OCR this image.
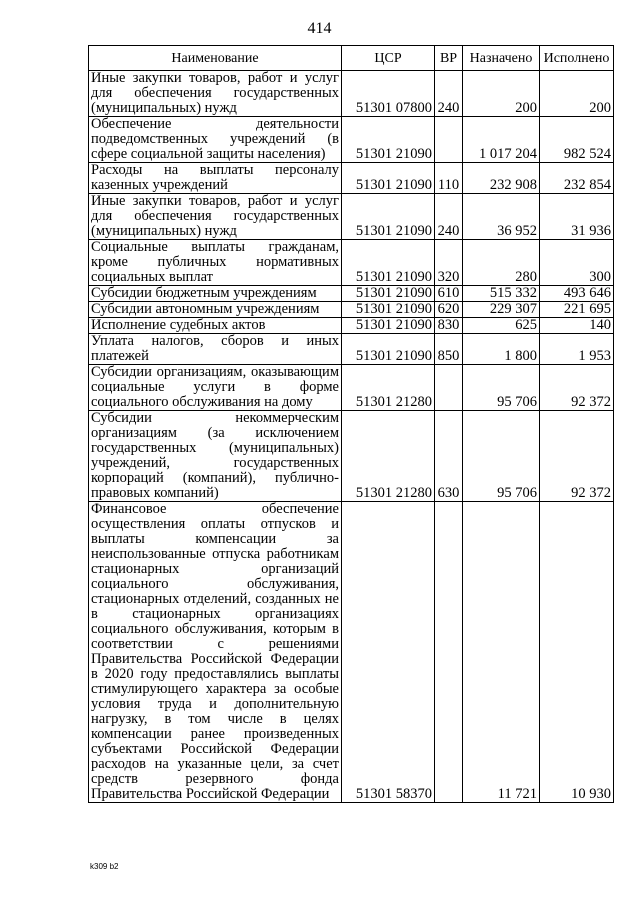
414
Наименование	ЦСР	ВР	Назначено	Исполнено
Иные закупки товаров, работ и услуг для обеспечения государственных (муниципальных) нужд	51301 07800	240	200	200
Обеспечение деятельности подведомственных учреждений (в сфере социальной защиты населения)	51301 21090		1 017 204	982 524
Расходы на выплаты персоналу казенных учреждений	51301 21090	110	232 908	232 854
Иные закупки товаров, работ и услуг для обеспечения государственных (муниципальных) нужд	51301 21090	240	36 952	31 936
Социальные выплаты гражданам, кроме публичных нормативных социальных выплат	51301 21090	320	280	300
Субсидии бюджетным учреждениям	51301 21090	610	515 332	493 646
Субсидии автономным учреждениям	51301 21090	620	229 307	221 695
Исполнение судебных актов	51301 21090	830	625	140
Уплата налогов, сборов и иных платежей	51301 21090	850	1 800	1 953
Субсидии организациям, оказывающим социальные услуги в форме социального обслуживания на дому	51301 21280		95 706	92 372
Субсидии некоммерческим организациям (за исключением государственных (муниципальных) учреждений, государственных корпораций (компаний), публично-правовых компаний)	51301 21280	630	95 706	92 372
Финансовое обеспечение осуществления оплаты отпусков и выплаты компенсации за неиспользованные отпуска работникам стационарных организаций социального обслуживания, стационарных отделений, созданных не в стационарных организациях социального обслуживания, которым в соответствии с решениями Правительства Российской Федерации в 2020 году предоставлялись выплаты стимулирующего характера за особые условия труда и дополнительную нагрузку, в том числе в целях компенсации ранее произведенных субъектами Российской Федерации расходов на указанные цели, за счет средств резервного фонда Правительства Российской Федерации	51301 58370		11 721	10 930
k309 b2
